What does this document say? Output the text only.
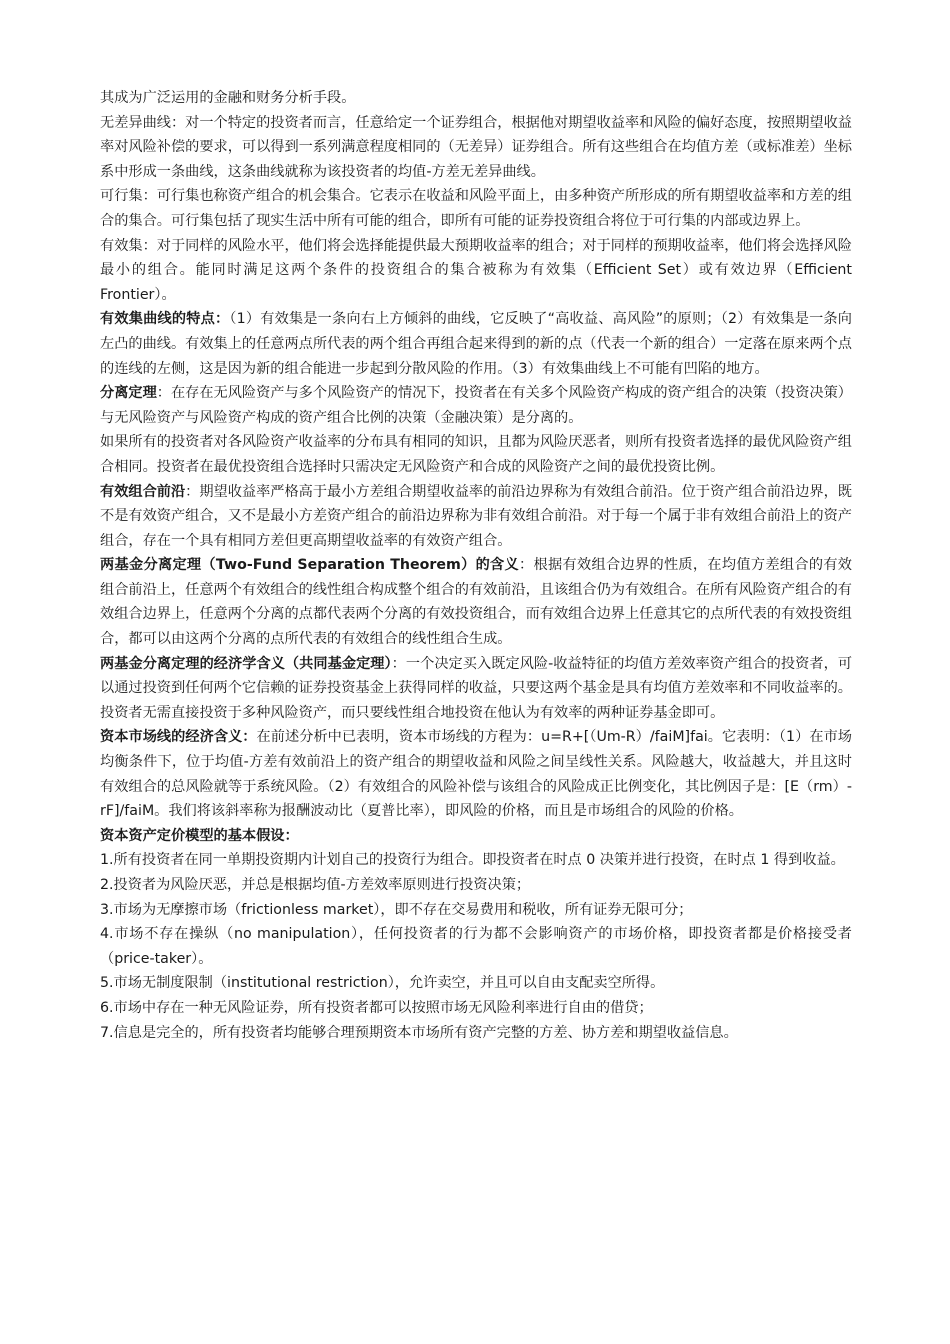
其成为广泛运用的金融和财务分析手段。

无差异曲线：对一个特定的投资者而言，任意给定一个证券组合，根据他对期望收益率和风险的偏好态度，按照期望收益率对风险补偿的要求，可以得到一系列满意程度相同的（无差异）证券组合。所有这些组合在均值方差（或标准差）坐标系中形成一条曲线，这条曲线就称为该投资者的均值-方差无差异曲线。

可行集：可行集也称资产组合的机会集合。它表示在收益和风险平面上，由多种资产所形成的所有期望收益率和方差的组合的集合。可行集包括了现实生活中所有可能的组合，即所有可能的证券投资组合将位于可行集的内部或边界上。

有效集：对于同样的风险水平，他们将会选择能提供最大预期收益率的组合；对于同样的预期收益率，他们将会选择风险最小的组合。能同时满足这两个条件的投资组合的集合被称为有效集（Efficient Set）或有效边界（Efficient Frontier）。

有效集曲线的特点：（1）有效集是一条向右上方倾斜的曲线，它反映了“高收益、高风险”的原则；（2）有效集是一条向左凸的曲线。有效集上的任意两点所代表的两个组合再组合起来得到的新的点（代表一个新的组合）一定落在原来两个点的连线的左侧，这是因为新的组合能进一步起到分散风险的作用。（3）有效集曲线上不可能有凹陷的地方。

分离定理：在存在无风险资产与多个风险资产的情况下，投资者在有关多个风险资产构成的资产组合的决策（投资决策）与无风险资产与风险资产构成的资产组合比例的决策（金融决策）是分离的。

如果所有的投资者对各风险资产收益率的分布具有相同的知识，且都为风险厌恶者，则所有投资者选择的最优风险资产组合相同。投资者在最优投资组合选择时只需决定无风险资产和合成的风险资产之间的最优投资比例。

有效组合前沿：期望收益率严格高于最小方差组合期望收益率的前沿边界称为有效组合前沿。位于资产组合前沿边界，既不是有效资产组合，又不是最小方差资产组合的前沿边界称为非有效组合前沿。对于每一个属于非有效组合前沿上的资产组合，存在一个具有相同方差但更高期望收益率的有效资产组合。

两基金分离定理（Two-Fund Separation Theorem）的含义：根据有效组合边界的性质，在均值方差组合的有效组合前沿上，任意两个有效组合的线性组合构成整个组合的有效前沿，且该组合仍为有效组合。在所有风险资产组合的有效组合边界上，任意两个分离的点都代表两个分离的有效投资组合，而有效组合边界上任意其它的点所代表的有效投资组合，都可以由这两个分离的点所代表的有效组合的线性组合生成。

两基金分离定理的经济学含义（共同基金定理）：一个决定买入既定风险-收益特征的均值方差效率资产组合的投资者，可以通过投资到任何两个它信赖的证券投资基金上获得同样的收益，只要这两个基金是具有均值方差效率和不同收益率的。投资者无需直接投资于多种风险资产，而只要线性组合地投资在他认为有效率的两种证券基金即可。

资本市场线的经济含义：在前述分析中已表明，资本市场线的方程为：u=R+[（Um-R）/faiM]fai。它表明：（1）在市场均衡条件下，位于均值-方差有效前沿上的资产组合的期望收益和风险之间呈线性关系。风险越大，收益越大，并且这时有效组合的总风险就等于系统风险。（2）有效组合的风险补偿与该组合的风险成正比例变化，其比例因子是：[E（rm）-rF]/faiM。我们将该斜率称为报酬波动比（夏普比率），即风险的价格，而且是市场组合的风险的价格。

资本资产定价模型的基本假设：

1.所有投资者在同一单期投资期内计划自己的投资行为组合。即投资者在时点 0 决策并进行投资，在时点 1 得到收益。

2.投资者为风险厌恶，并总是根据均值-方差效率原则进行投资决策；

3.市场为无摩擦市场（frictionless market），即不存在交易费用和税收，所有证券无限可分；

4.市场不存在操纵（no manipulation），任何投资者的行为都不会影响资产的市场价格，即投资者都是价格接受者（price-taker）。

5.市场无制度限制（institutional restriction），允许卖空，并且可以自由支配卖空所得。

6.市场中存在一种无风险证券，所有投资者都可以按照市场无风险利率进行自由的借贷；

7.信息是完全的，所有投资者均能够合理预期资本市场所有资产完整的方差、协方差和期望收益信息。
